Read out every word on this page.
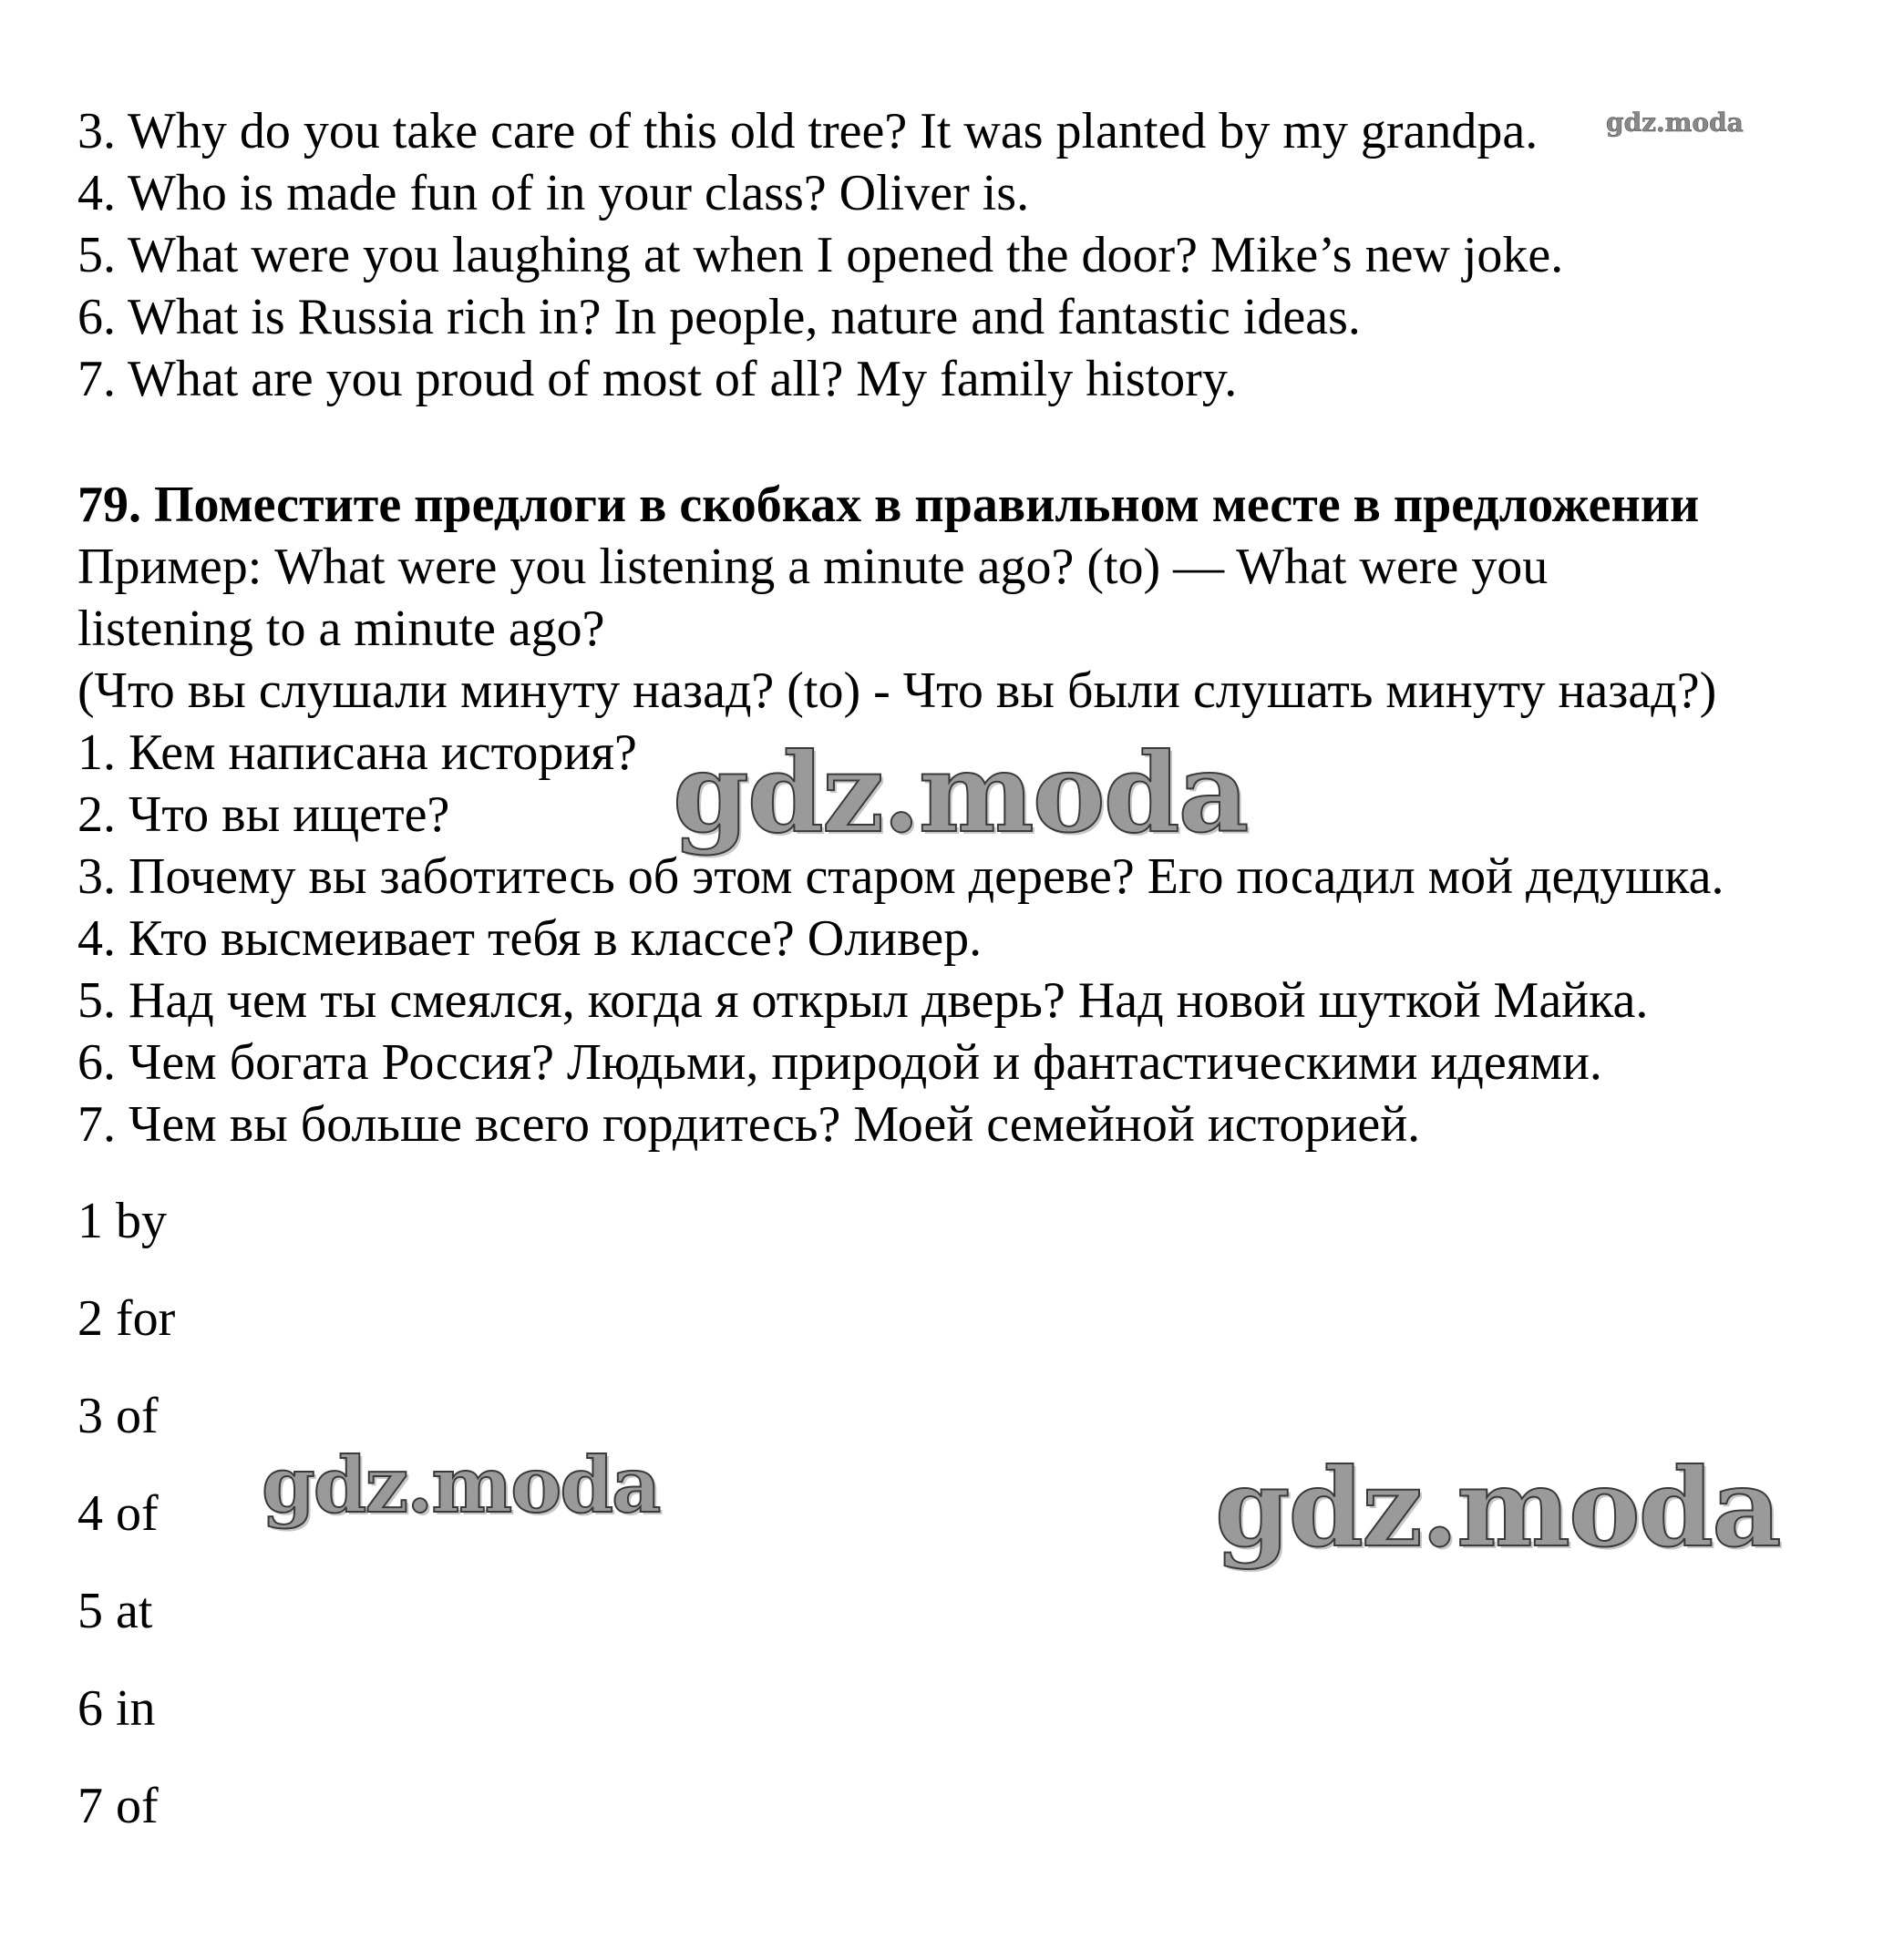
3. Why do you take care of this old tree? It was planted by my grandpa.
4. Who is made fun of in your class? Oliver is.
5. What were you laughing at when I opened the door? Mike’s new joke.
6. What is Russia rich in? In people, nature and fantastic ideas.
7. What are you proud of most of all? My family history.
79. Поместите предлоги в скобках в правильном месте в предложении
Пример: What were you listening a minute ago? (to) — What were you
listening to a minute ago?
(Что вы слушали минуту назад? (to) - Что вы были слушать минуту назад?)
1. Кем написана история?
2. Что вы ищете?
3. Почему вы заботитесь об этом старом дереве? Его посадил мой дедушка.
4. Кто высмеивает тебя в классе? Оливер.
5. Над чем ты смеялся, когда я открыл дверь? Над новой шуткой Майка.
6. Чем богата Россия? Людьми, природой и фантастическими идеями.
7. Чем вы больше всего гордитесь? Моей семейной историей.
1 by
2 for
3 of
4 of
5 at
6 in
7 of
gdz.moda
gdz.moda
gdz.moda	gdz.moda
